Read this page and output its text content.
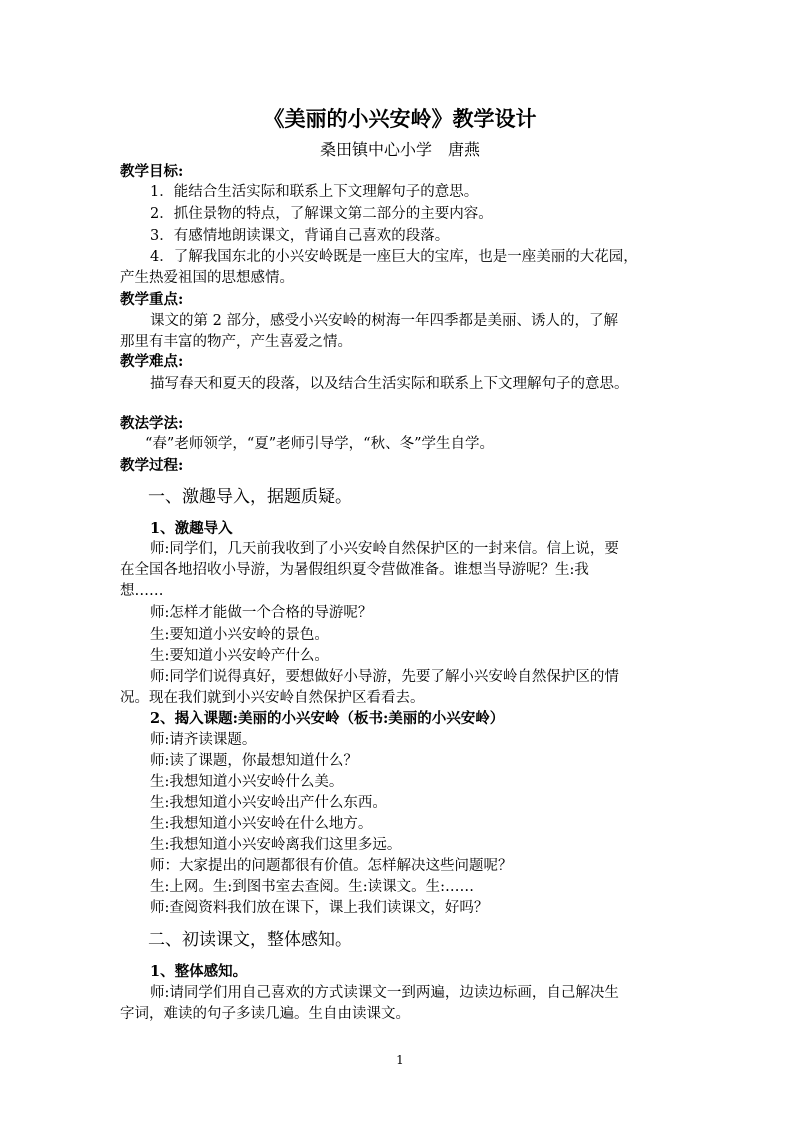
《美丽的小兴安岭》教学设计
桑田镇中心小学　唐燕
教学目标:
1．能结合生活实际和联系上下文理解句子的意思。
2．抓住景物的特点，了解课文第二部分的主要内容。
3．有感情地朗读课文，背诵自己喜欢的段落。
4．了解我国东北的小兴安岭既是一座巨大的宝库，也是一座美丽的大花园，
产生热爱祖国的思想感情。
教学重点:
课文的第 2 部分，感受小兴安岭的树海一年四季都是美丽、诱人的，了解
那里有丰富的物产，产生喜爱之情。
教学难点:
描写春天和夏天的段落，以及结合生活实际和联系上下文理解句子的意思。
教法学法:
“春”老师领学，“夏”老师引导学，“秋、冬”学生自学。
教学过程:
一、激趣导入，据题质疑。
1、激趣导入
师:同学们，几天前我收到了小兴安岭自然保护区的一封来信。信上说，要
在全国各地招收小导游，为暑假组织夏令营做准备。谁想当导游呢？生:我
想……
师:怎样才能做一个合格的导游呢？
生:要知道小兴安岭的景色。
生:要知道小兴安岭产什么。
师:同学们说得真好，要想做好小导游，先要了解小兴安岭自然保护区的情
况。现在我们就到小兴安岭自然保护区看看去。
2、揭入课题:美丽的小兴安岭（板书:美丽的小兴安岭）
师:请齐读课题。
师:读了课题，你最想知道什么？
生:我想知道小兴安岭什么美。
生:我想知道小兴安岭出产什么东西。
生:我想知道小兴安岭在什么地方。
生:我想知道小兴安岭离我们这里多远。
师：大家提出的问题都很有价值。怎样解决这些问题呢？
生:上网。生:到图书室去查阅。生:读课文。生:……
师:查阅资料我们放在课下，课上我们读课文，好吗？
二、初读课文，整体感知。
1、整体感知。
师:请同学们用自己喜欢的方式读课文一到两遍，边读边标画，自己解决生
字词，难读的句子多读几遍。生自由读课文。
1
